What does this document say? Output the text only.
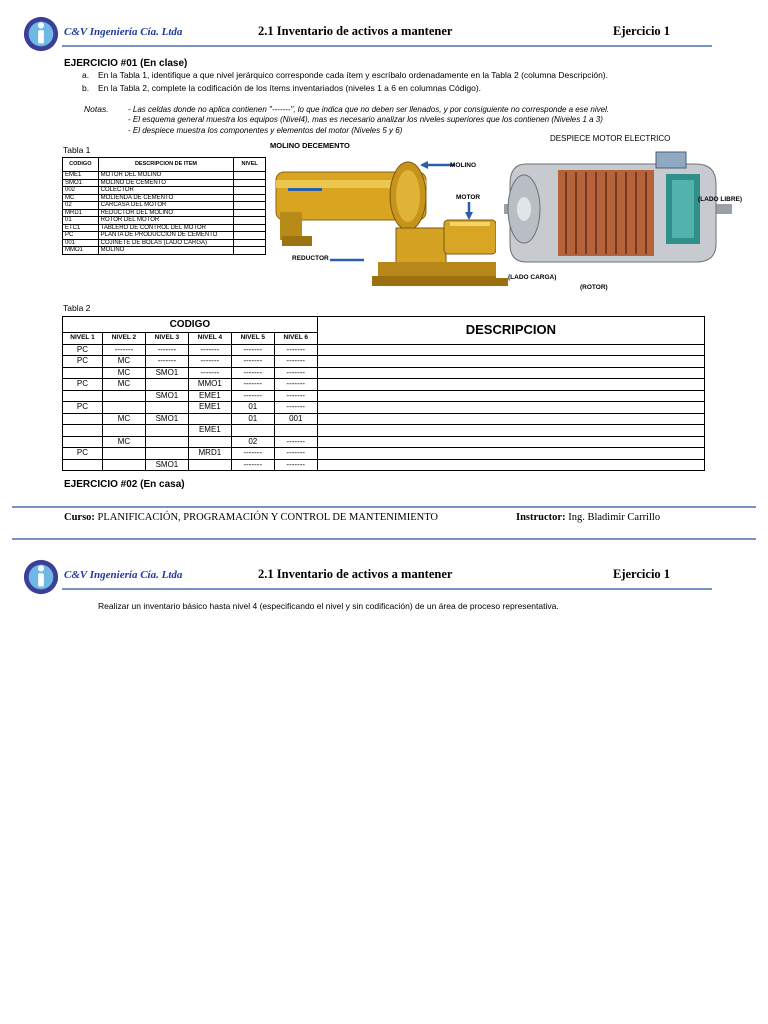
C&V Ingeniería Cía. Ltda	2.1 Inventario de activos a mantener	Ejercicio 1
EJERCICIO #01 (En clase)
a. En la Tabla 1, identifique a que nivel jerárquico corresponde cada ítem y escríbalo ordenadamente en la Tabla 2 (columna Descripción).
b. En la Tabla 2, complete la codificación de los ítems inventariados (niveles 1 a 6 en columnas Código).
Notas. - Las celdas donde no aplica contienen "-------", lo que indica que no deben ser llenados, y por consiguiente no corresponde a ese nivel.
- El esquema general muestra los equipos (Nivel4), mas es necesario analizar los niveles superiores que los contienen (Niveles 1 a 3)
- El despiece muestra los componentes y elementos del motor (Niveles 5 y 6)
Tabla 1
CODIGO	DESCRIPCION DE ITEM	NIVEL
EME1	MOTOR DEL MOLINO	
SMO1	MOLINO DE CEMENTO	
002	COLECTOR	
MC	MOLIENDA DE CEMENTO	
02	CARCASA DEL MOTOR	
MRD1	REDUCTOR DEL MOLINO	
01	ROTOR DEL MOTOR	
ETC1	TABLERO DE CONTROL DEL MOTOR	
PC	PLANTA DE PRODUCCION DE CEMENTO	
001	COJINETE DE BOLAS (LADO CARGA)	
MMO1	MOLINO	
MOLINO DECEMENTO
MOLINO
MOTOR
REDUCTOR
DESPIECE MOTOR ELECTRICO
(LADO LIBRE)
(LADO CARGA)
(ROTOR)
Tabla 2
CODIGO						DESCRIPCION
NIVEL 1	NIVEL 2	NIVEL 3	NIVEL 4	NIVEL 5	NIVEL 6	
PC	-------	-------	-------	-------	-------	
PC	MC	-------	-------	-------	-------	
	MC	SMO1	-------	-------	-------	
PC	MC		MMO1	-------	-------	
		SMO1	EME1	-------	-------	
PC			EME1	01	-------	
	MC	SMO1		01	001	
			EME1			
	MC			02	-------	
PC			MRD1	-------	-------	
		SMO1		-------	-------	
EJERCICIO #02 (En casa)
Curso: PLANIFICACIÓN, PROGRAMACIÓN Y CONTROL DE MANTENIMIENTO	Instructor: Ing. Bladimir Carrillo
C&V Ingeniería Cía. Ltda	2.1 Inventario de activos a mantener	Ejercicio 1
Realizar un inventario básico hasta nivel 4 (especificando el nivel y sin codificación) de un área de proceso representativa.
